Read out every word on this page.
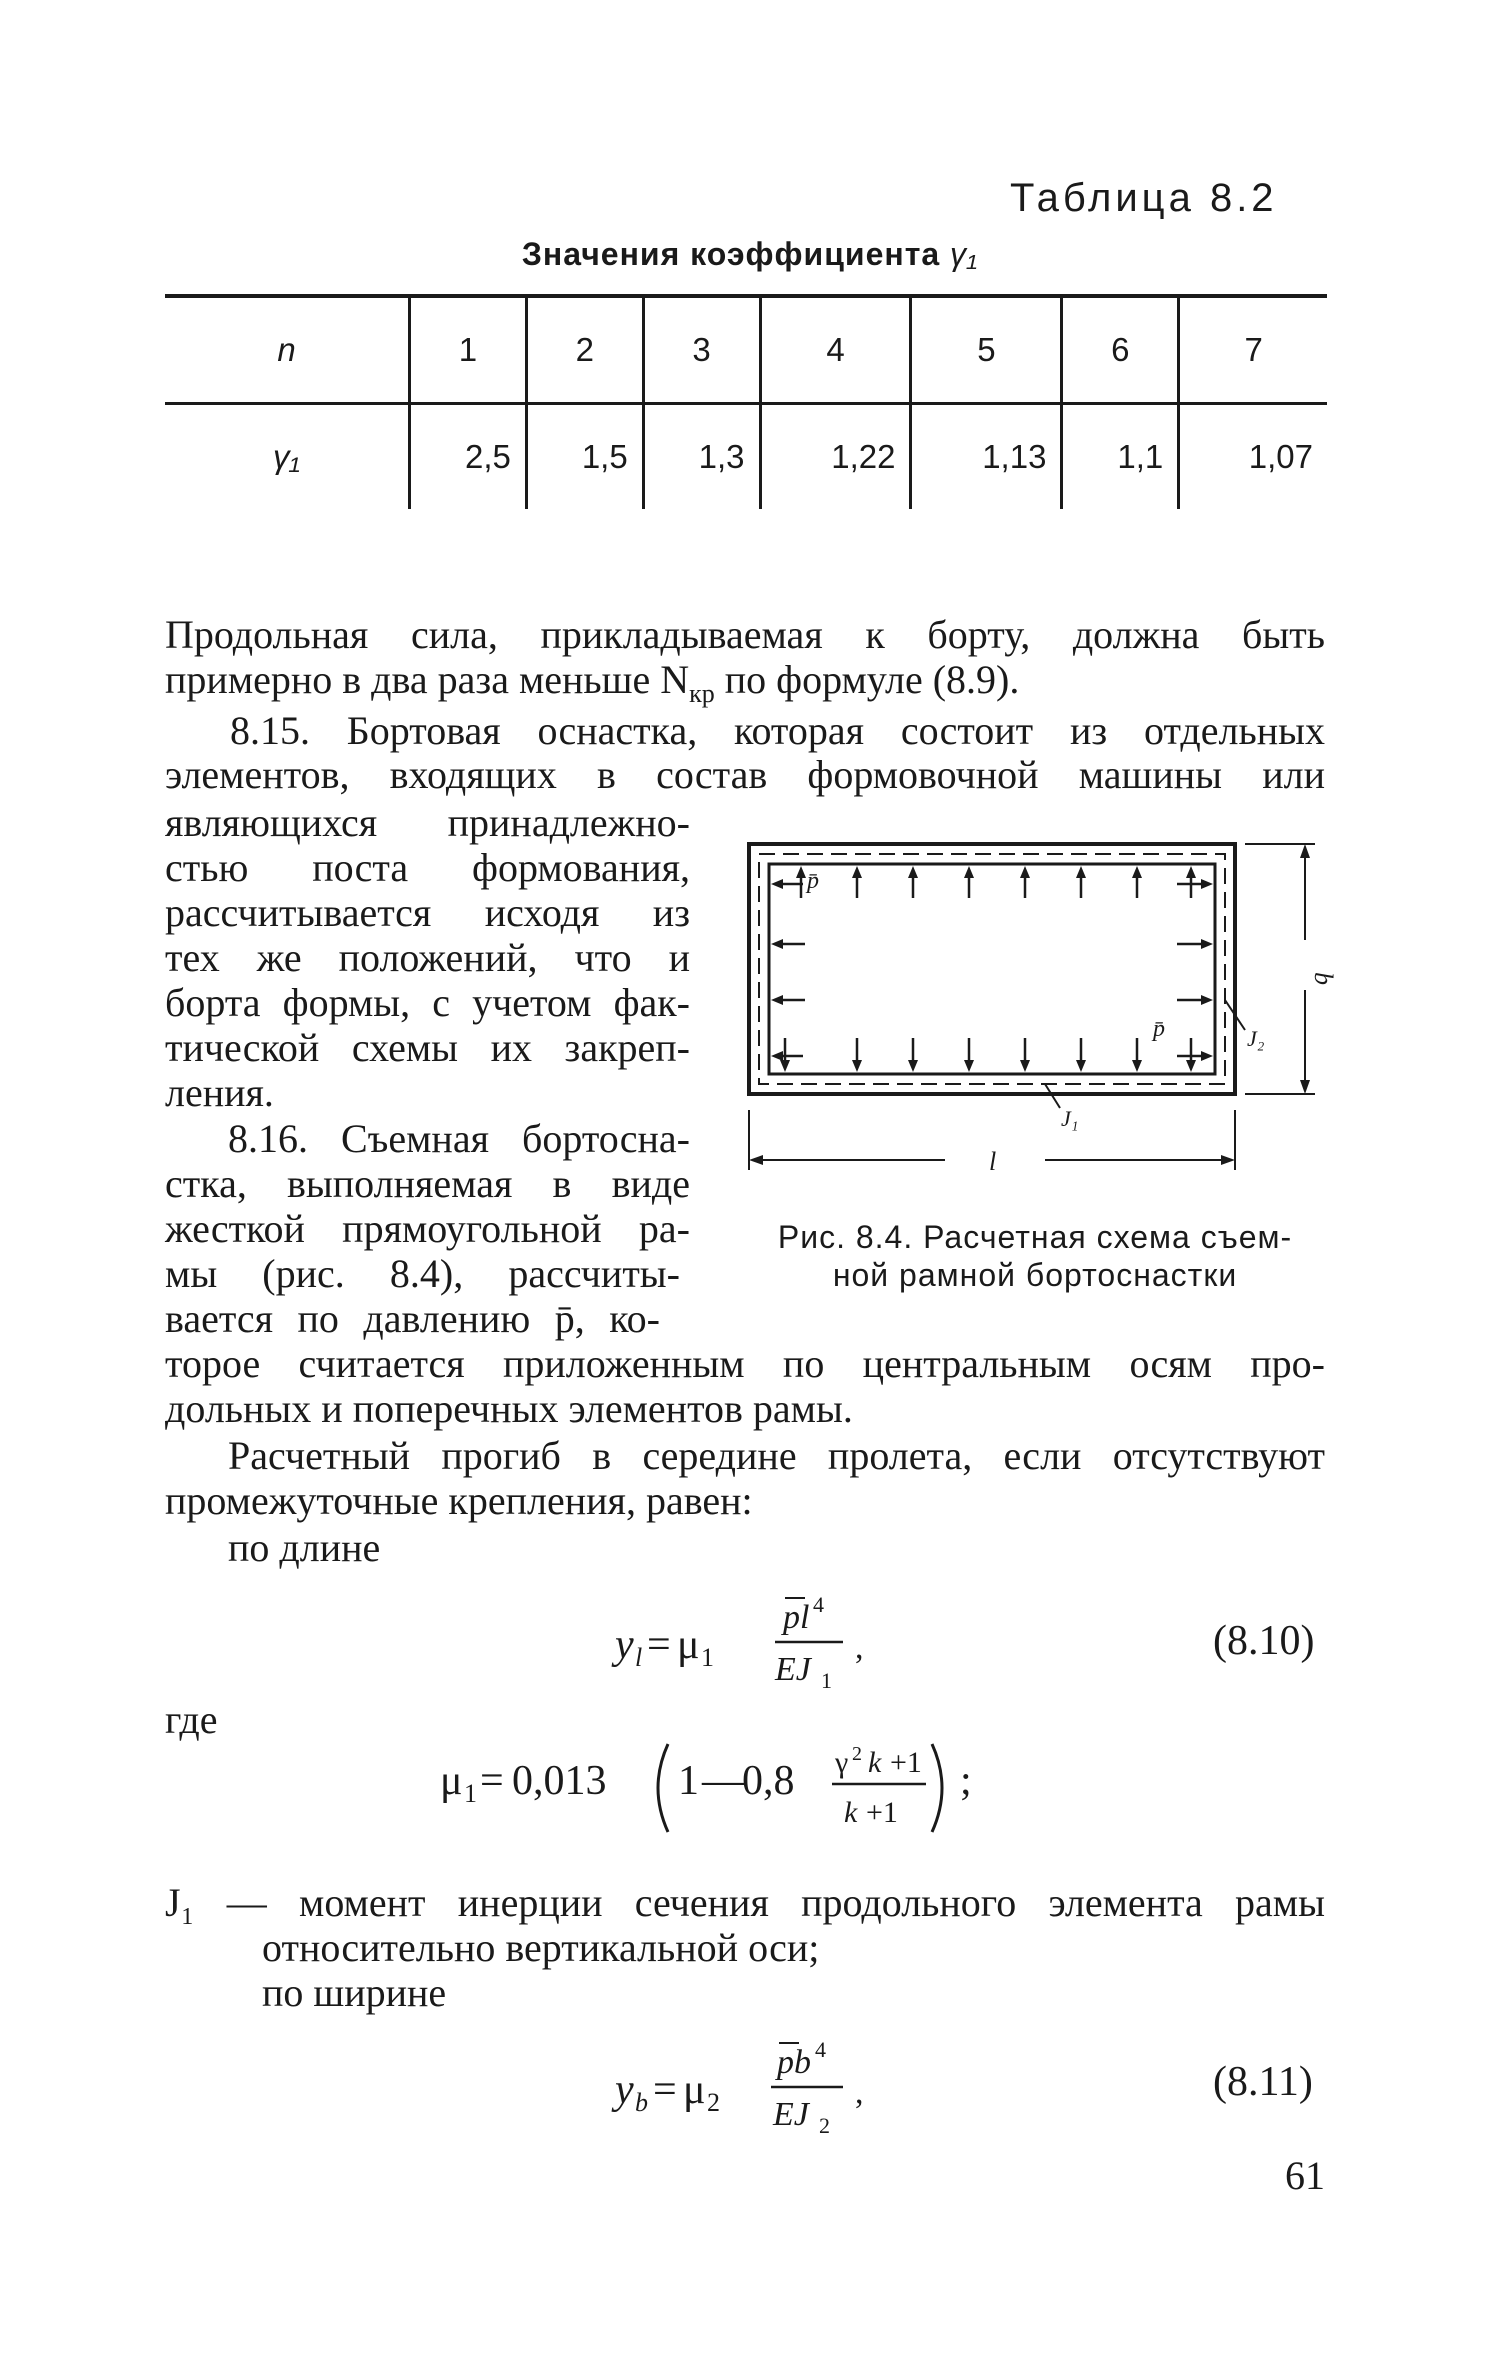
Таблица 8.2
Значения коэффициента γ₁
n	1	2	3	4	5	6	7
γ₁	2,5	1,5	1,3	1,22	1,13	1,1	1,07
Продольная сила, прикладываемая к борту, должна быть
примерно в два раза меньше $N_{кр}$ по формуле (8.9).
8.15. Бортовая оснастка, которая состоит из отдельных
элементов, входящих в состав формовочной машины или
являющихся принадлежно-
стью поста формования,
рассчитывается исходя из
тех же положений, что и
борта формы, с учетом фак-
тической схемы их закреп-
ления.
8.16. Съемная бортосна-
стка, выполняемая в виде
жесткой прямоугольной ра-
мы (рис. 8.4), рассчиты-
вается по давлению p̄, ко-
торое считается приложенным по центральным осям про-
дольных и поперечных элементов рамы.
Расчетный прогиб в середине пролета, если отсутствуют
промежуточные крепления, равен:
по длине
y l = μ 1
pl 4
EJ 1
,	(8.10)
где
μ 1 = 0,013 1 —
0,8 γ 2 k +1
k +1
;
J₁ — момент инерции сечения продольного элемента рамы
относительно вертикальной оси;
по ширине
y b = μ 2
pb 4
EJ 2
,	(8.11)
p̄
p̄
l
b
J₂
J₁
Рис. 8.4. Расчетная схема съем-
ной рамной бортоснастки
61
